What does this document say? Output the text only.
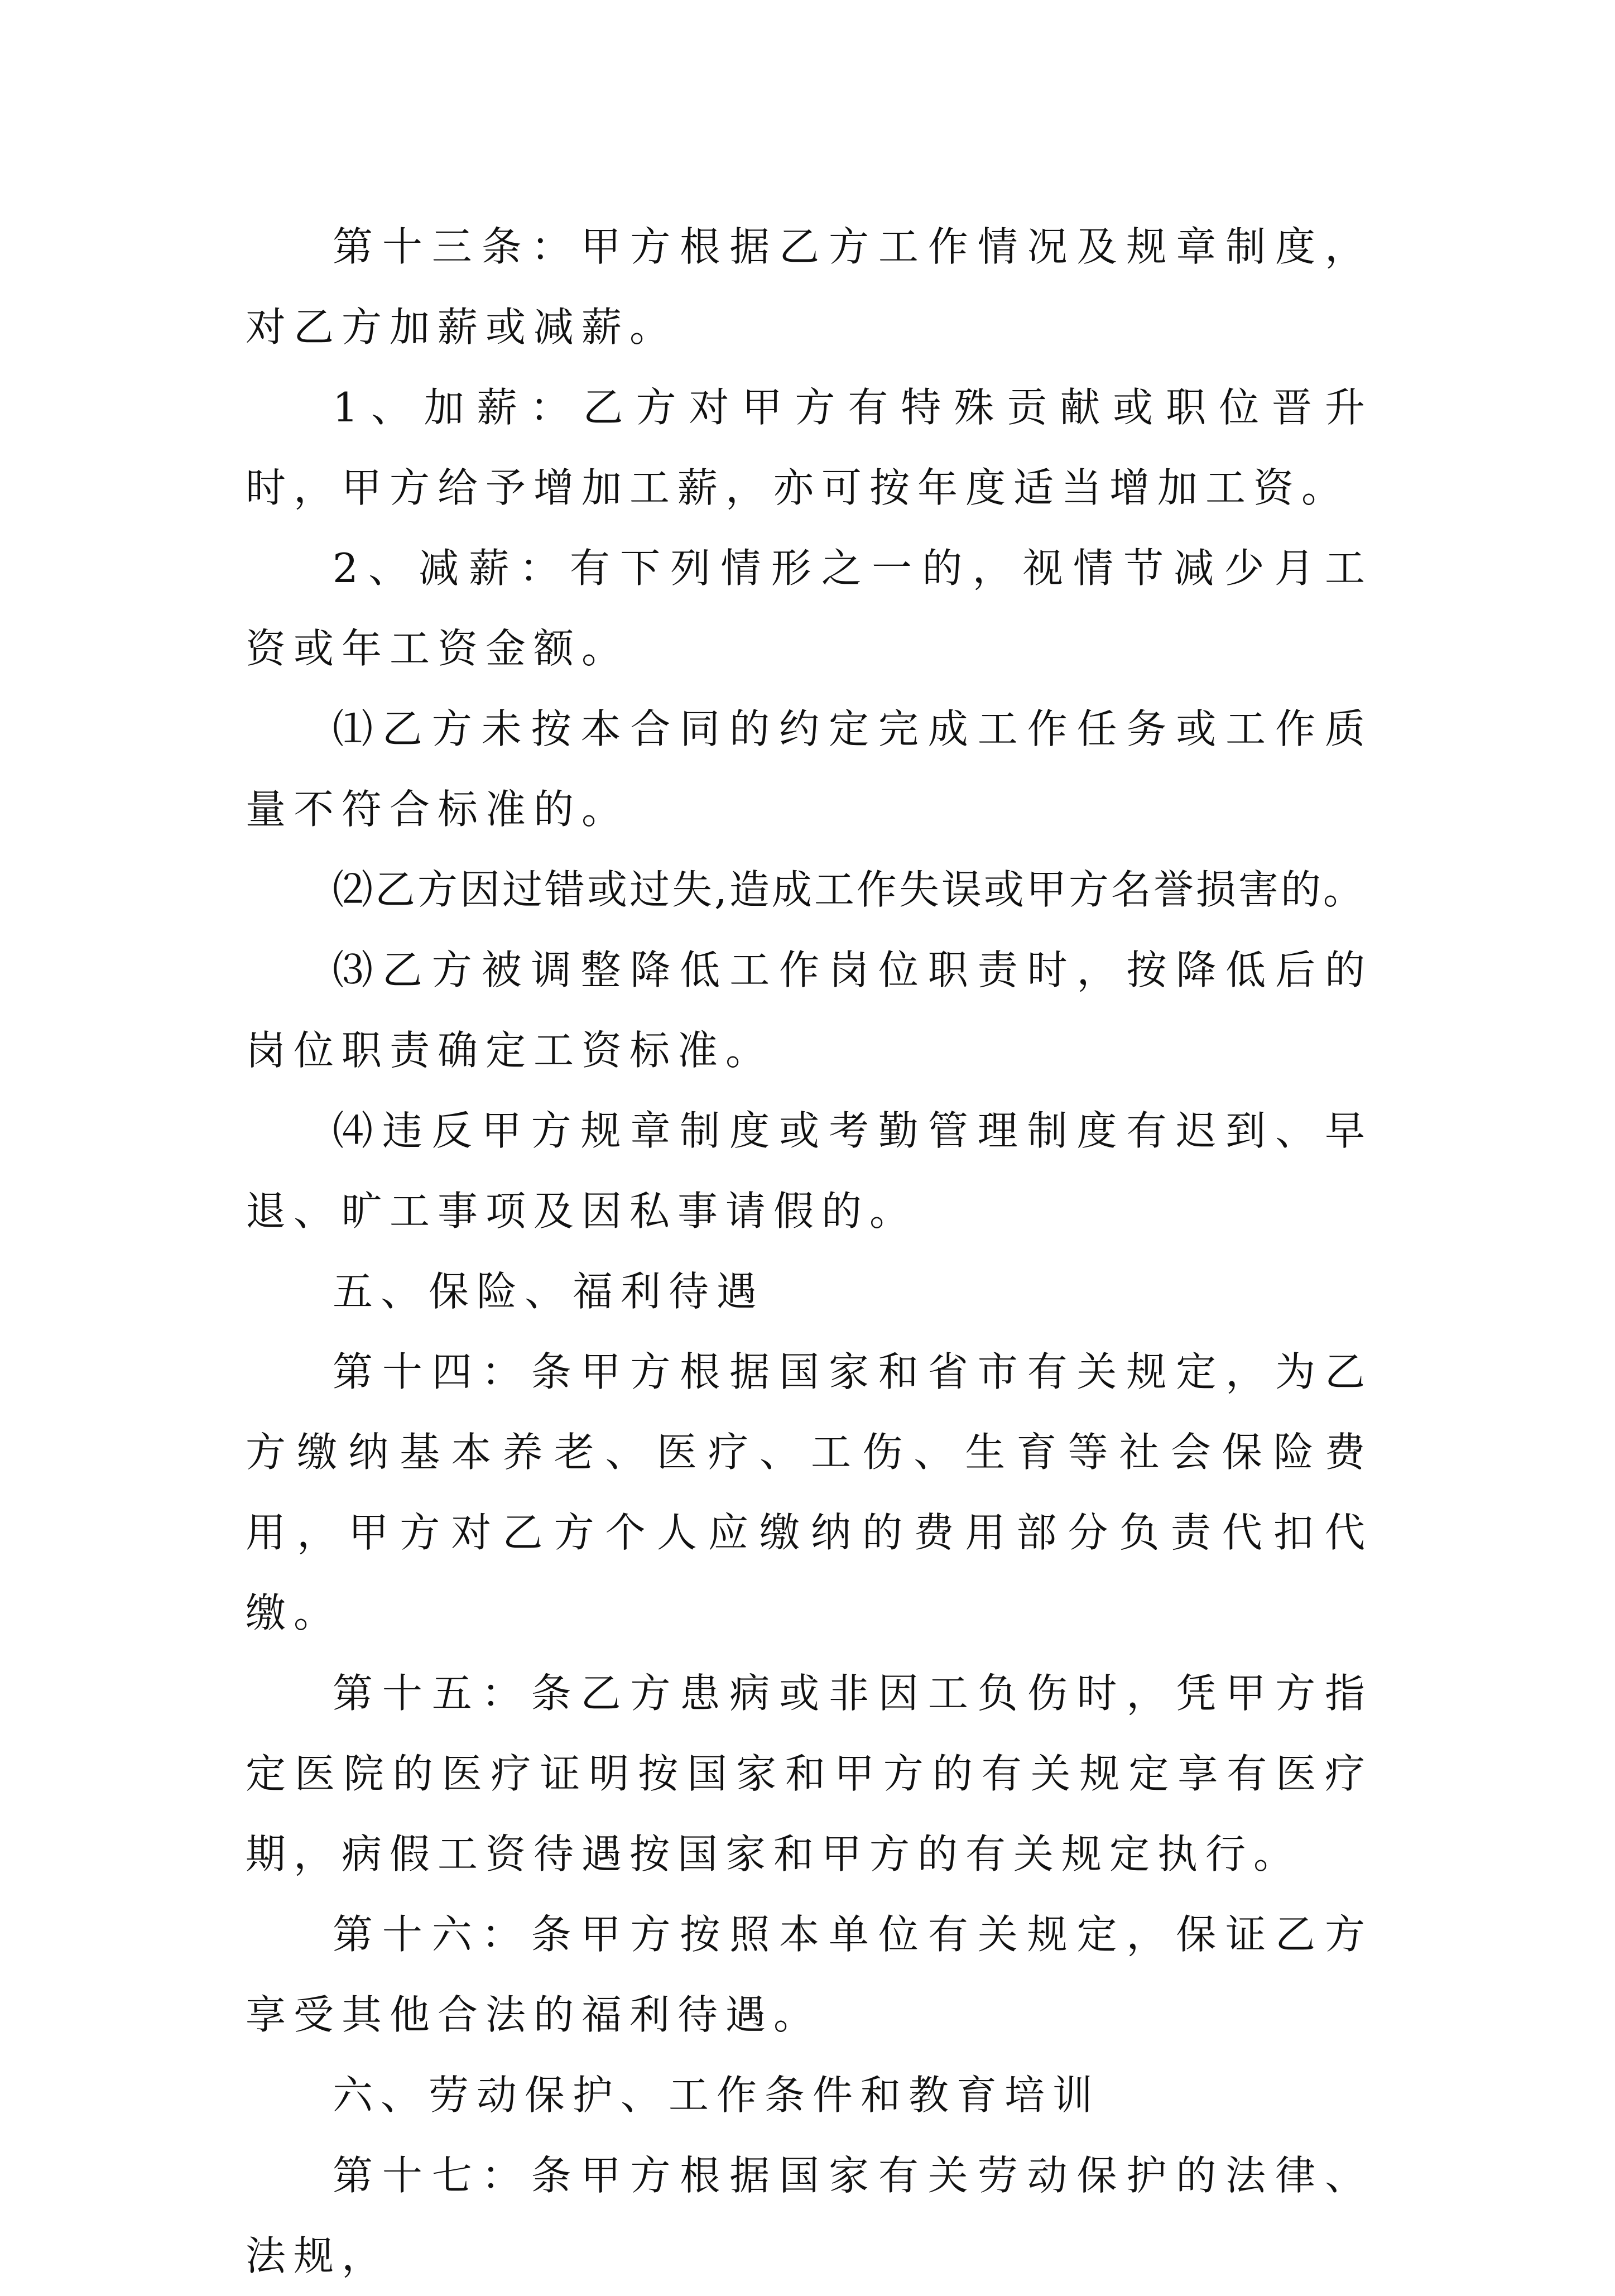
第十三条：甲方根据乙方工作情况及规章制度，对乙方加薪或减薪。

1、加薪：乙方对甲方有特殊贡献或职位晋升时，甲方给予增加工薪，亦可按年度适当增加工资。

2、减薪：有下列情形之一的，视情节减少月工资或年工资金额。

⑴乙方未按本合同的约定完成工作任务或工作质量不符合标准的。

⑵乙方因过错或过失,造成工作失误或甲方名誉损害的。

⑶乙方被调整降低工作岗位职责时，按降低后的岗位职责确定工资标准。

⑷违反甲方规章制度或考勤管理制度有迟到、早退、旷工事项及因私事请假的。

五、保险、福利待遇

第十四：条甲方根据国家和省市有关规定，为乙方缴纳基本养老、医疗、工伤、生育等社会保险费用，甲方对乙方个人应缴纳的费用部分负责代扣代缴。

第十五：条乙方患病或非因工负伤时，凭甲方指定医院的医疗证明按国家和甲方的有关规定享有医疗期，病假工资待遇按国家和甲方的有关规定执行。

第十六：条甲方按照本单位有关规定，保证乙方享受其他合法的福利待遇。

六、劳动保护、工作条件和教育培训

第十七：条甲方根据国家有关劳动保护的法律、法规，
